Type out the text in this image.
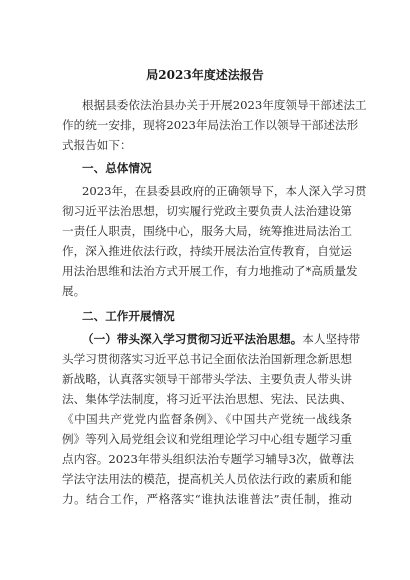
局2023年度述法报告
根据县委依法治县办关于开展2023年度领导干部述法工
作的统一安排，现将2023年局法治工作以领导干部述法形
式报告如下：
一、总体情况
2023年，在县委县政府的正确领导下，本人深入学习贯
彻习近平法治思想，切实履行党政主要负责人法治建设第
一责任人职责，围绕中心，服务大局，统筹推进局法治工
作，深入推进依法行政，持续开展法治宣传教育，自觉运
用法治思维和法治方式开展工作，有力地推动了*高质量发
展。
二、工作开展情况
（一）带头深入学习贯彻习近平法治思想。本人坚持带
头学习贯彻落实习近平总书记全面依法治国新理念新思想
新战略，认真落实领导干部带头学法、主要负责人带头讲
法、集体学法制度，将习近平法治思想、宪法、民法典、
《中国共产党党内监督条例》、《中国共产党统一战线条
例》等列入局党组会议和党组理论学习中心组专题学习重
点内容。2023年带头组织法治专题学习辅导3次，做尊法
学法守法用法的模范，提高机关人员依法行政的素质和能
力。结合工作，严格落实“谁执法谁普法”责任制，推动
